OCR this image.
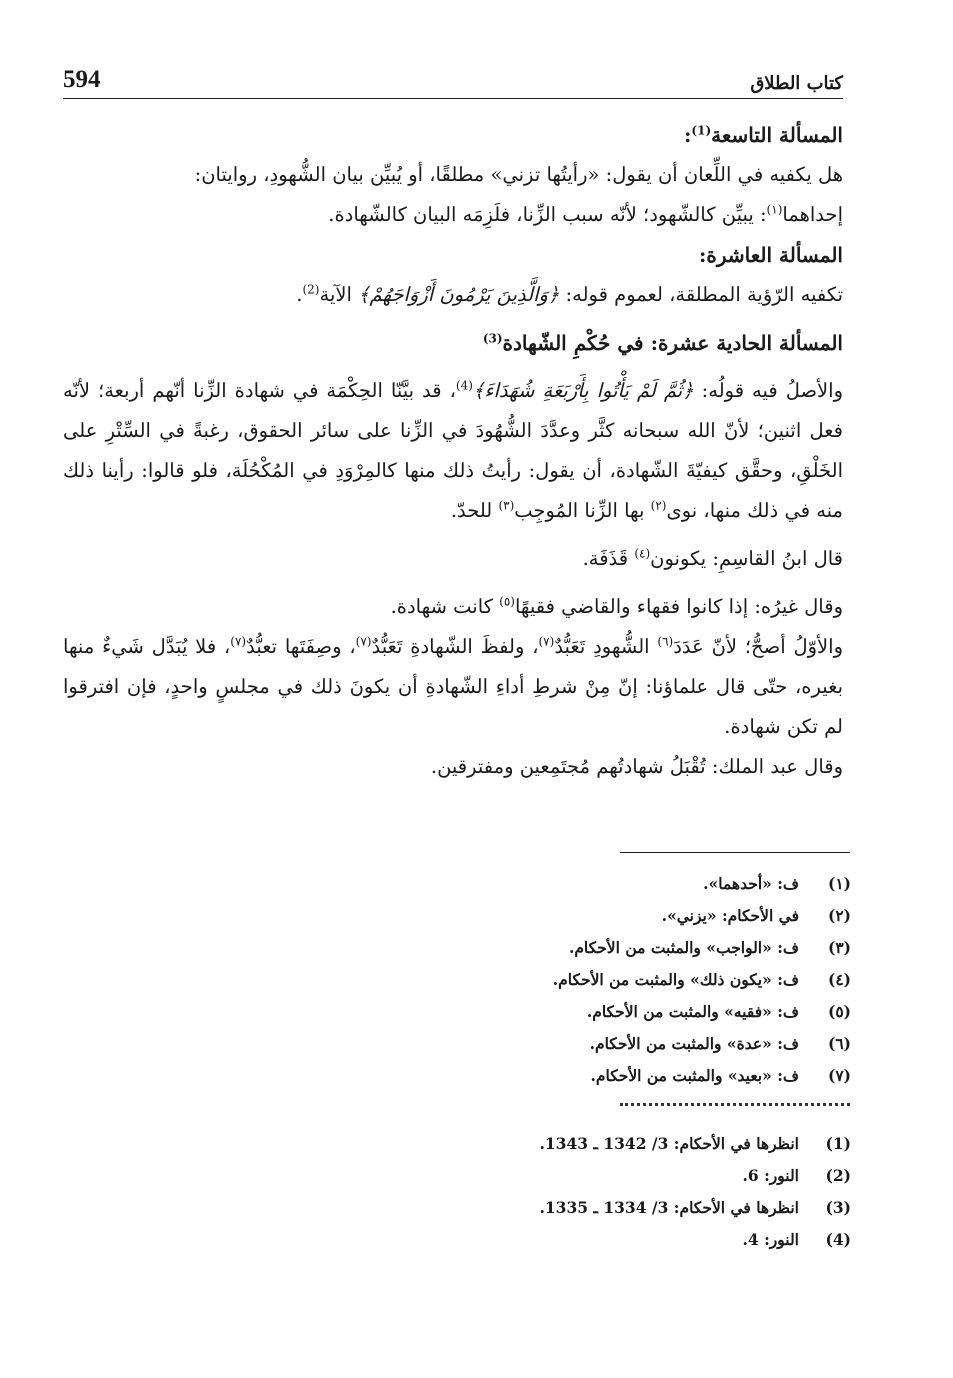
594	كتاب الطلاق

المسألة التاسعة$^{(1)}$:

هل يكفيه في اللِّعان أن يقول: «رأيتُها تزني» مطلقًا، أو يُبيِّن بيان الشُّهودِ، روايتان:

إحداهما$^{(١)}$: يبيِّن كالشّهود؛ لأنّه سبب الزِّنا، فلَزِمَه البيان كالشّهادة.

المسألة العاشرة:

تكفيه الرّؤية المطلقة، لعموم قوله: ﴿وَالَّذِينَ يَرْمُونَ أَزْوَاجَهُمْ﴾ الآية$^{(2)}$.

المسألة الحادية عشرة: في حُكْمِ الشّهادة$^{(3)}$

والأصلُ فيه قولُه: ﴿ثُمَّ لَمْ يَأْتُوا بِأَرْبَعَةِ شُهَدَاءَ﴾$^{(4)}$، قد بيَّنّا الحِكْمَة في شهادة الزِّنا أنّهم أربعة؛ لأنّه فعل اثنين؛ لأنّ الله سبحانه كثَّر وعدَّدَ الشُّهُودَ في الزِّنا على سائر الحقوق، رغبةً في السِّتْرِ على الخَلْقِ، وحقَّق كيفيّةَ الشّهادة، أن يقول: رأيتُ ذلك منها كالمِرْوَدِ في المُكْحُلَة، فلو قالوا: رأينا ذلك منه في ذلك منها، نوى$^{(٢)}$ بها الزِّنا المُوجِب$^{(٣)}$ للحدّ.

قال ابنُ القاسِمِ: يكونون$^{(٤)}$ قَذَفَة.

وقال غيرُه: إذا كانوا فقهاء والقاضي فقيهًا$^{(٥)}$ كانت شهادة.

والأوّلُ أصحُّ؛ لأنّ عَدَدَ$^{(٦)}$ الشُّهودِ تَعَبُّدٌ$^{(٧)}$، ولفظَ الشّهادةِ تَعَبُّدٌ$^{(٧)}$، وصِفَتَها تعبُّدٌ$^{(٧)}$، فلا يُبَدَّل شَيءٌ منها بغيره، حتّى قال علماؤنا: إنّ مِنْ شرطِ أداءِ الشّهادةِ أن يكونَ ذلك في مجلسٍ واحدٍ، فإن افترقوا لم تكن شهادة.

وقال عبد الملك: تُقْبَلُ شهادتُهم مُجتَمِعين ومفترقين.

(١)
ف: «أحدهما».
(٢)
في الأحكام: «يزني».
(٣)
ف: «الواجب» والمثبت من الأحكام.
(٤)
ف: «يكون ذلك» والمثبت من الأحكام.
(٥)
ف: «فقيه» والمثبت من الأحكام.
(٦)
ف: «عدة» والمثبت من الأحكام.
(٧)
ف: «بعيد» والمثبت من الأحكام.
(1)
انظرها في الأحكام: 3/ 1342 ـ 1343.
(2)
النور: 6.
(3)
انظرها في الأحكام: 3/ 1334 ـ 1335.
(4)
النور: 4.
